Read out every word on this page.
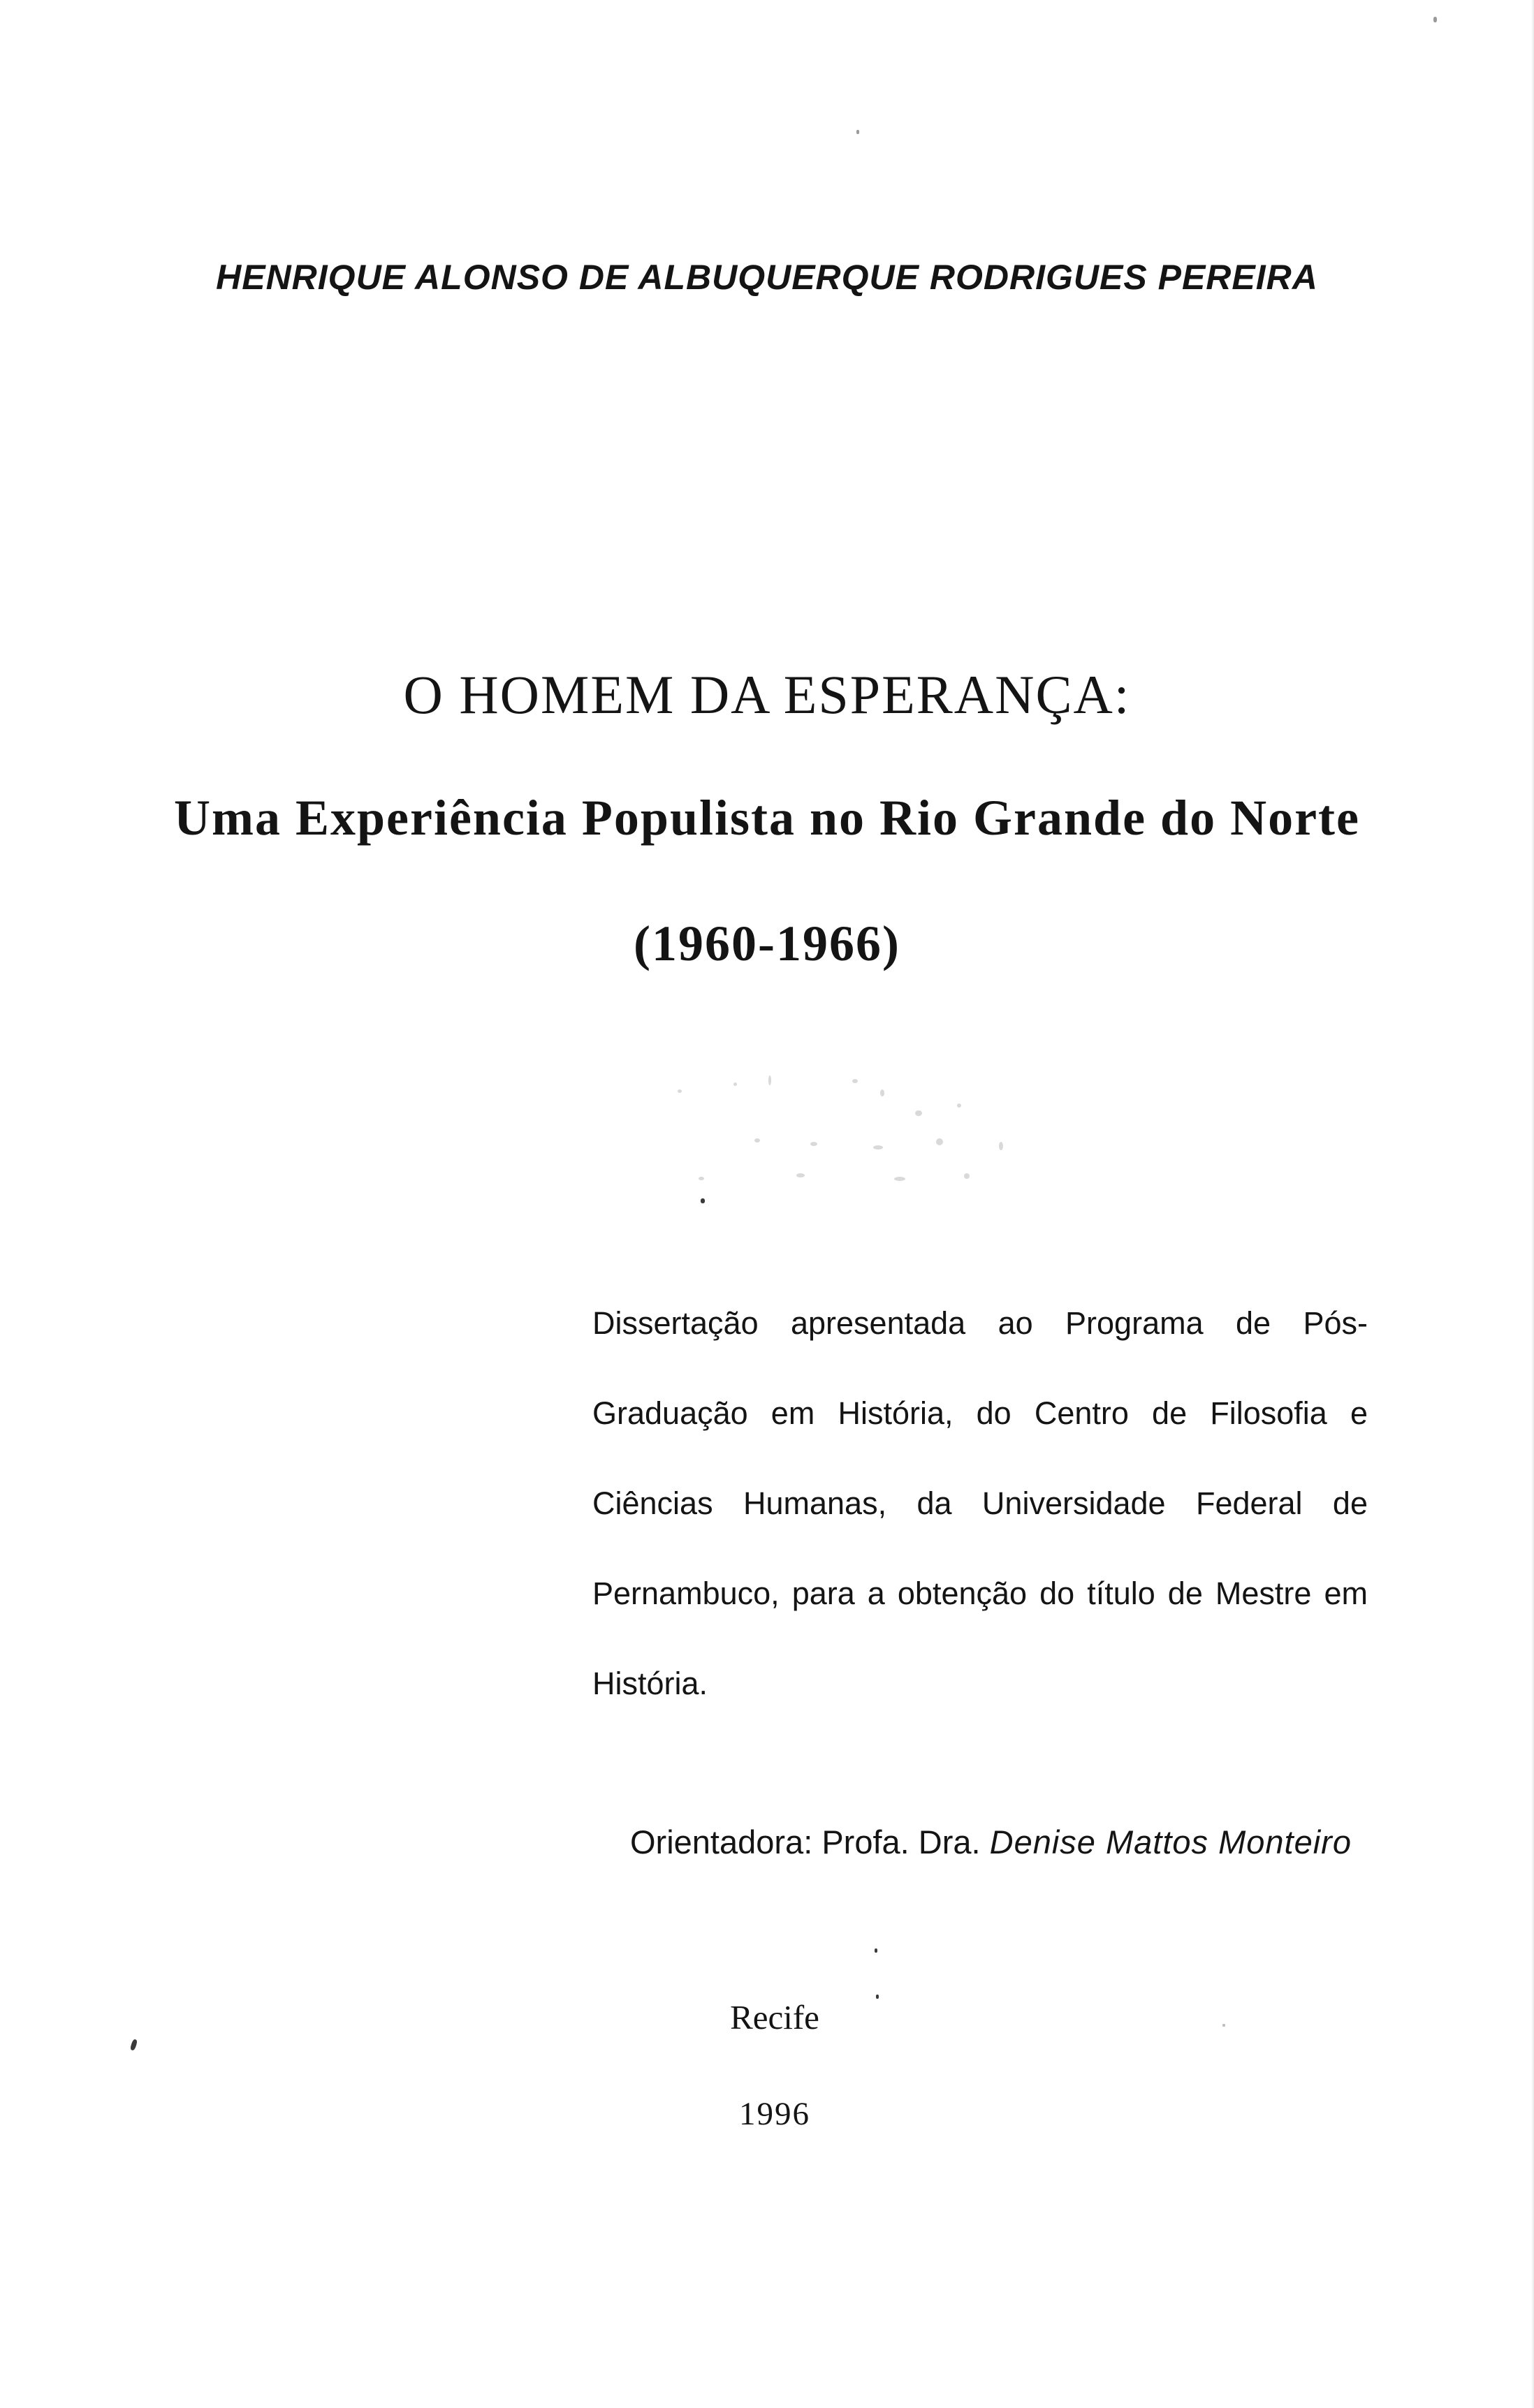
HENRIQUE ALONSO DE ALBUQUERQUE RODRIGUES PEREIRA
O HOMEM DA ESPERANÇA:
Uma Experiência Populista no Rio Grande do Norte
(1960-1966)
Dissertação apresentada ao Programa de Pós-Graduação em História, do Centro de Filosofia e Ciências Humanas, da Universidade Federal de Pernambuco, para a obtenção do título de Mestre em História.
Orientadora: Profa. Dra. Denise Mattos Monteiro
Recife
1996
